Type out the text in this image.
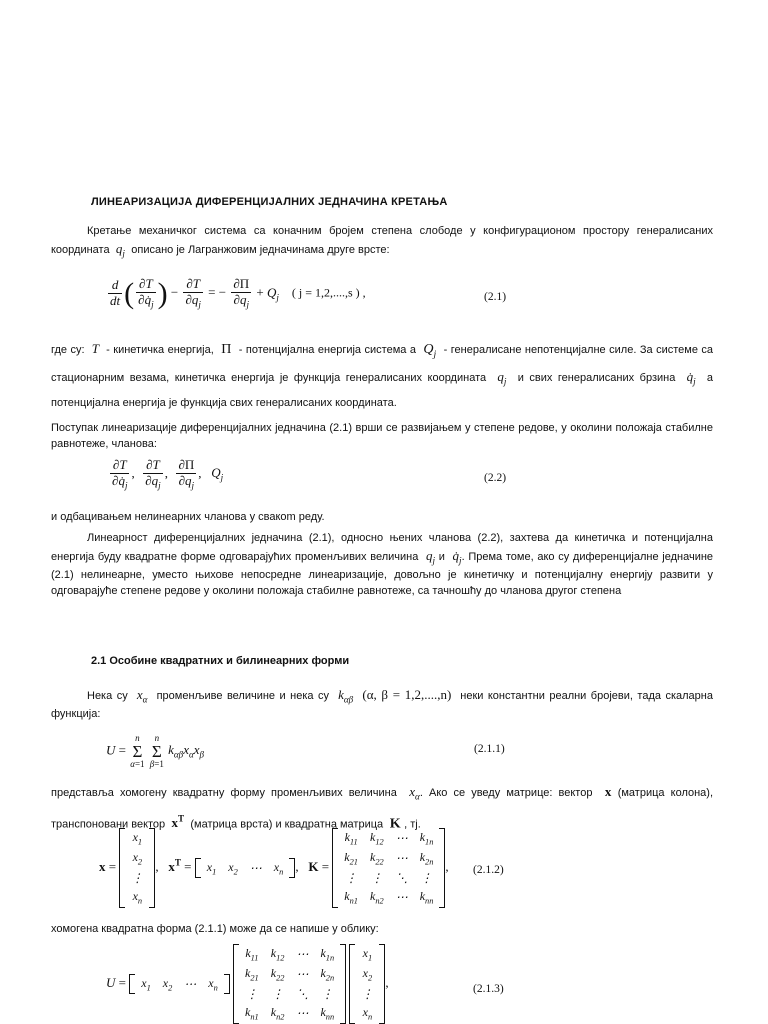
ЛИНЕАРИЗАЦИЈА ДИФЕРЕНЦИЈАЛНИХ ЈЕДНАЧИНА КРЕТАЊА
Кретање механичког система са коначним бројем степена слободе у конфигурационом простору генералисаних координата  $q_j$ описано је Лагранжовим једначинама друге врсте:
$\frac{d}{dt}$ ( $\frac{\partial T}{\partial q̇_j}$ ) − $\frac{\partial T}{\partial q_j}$ = − $\frac{\partial\Pi}{\partial q_j} + Q_j$ ( j = 1,2,....,s ) ,	(2.1)
где су:  T  - кинетичка енергија,  Π  - потенцијална енергија система а  $Q_j$ - генералисане непотенцијалне силе. За системе са стационарним везама, кинетичка енергија је функција генералисаних координата  $q_j$ и свих генералисаних брзина  $q̇_j$ а потенцијална енергија је функција свих генералисаних координата.
Поступак линеаризације диференцијалних једначина (2.1) врши се развијањем у степене редове, у околини положаја стабилне равнотеже, чланова:
$\frac{\partial T}{\partial q̇_j}$ , $\frac{\partial T}{\partial q_j}$ , $\frac{\partial\Pi}{\partial q_j}$ ,   $Q_j$	(2.2)
и одбацивањем нелинеарних чланова у свакоm реду.
Линеарност диференцијалних једначина (2.1), односно њених чланова (2.2), захтева да кинетичка и потенцијална енергија буду квадратне форме одговарајућих променљивих величина  $q_j$ и  $q̇_j$. Према томе, ако су диференцијалне једначине (2.1) нелинеарне, уместо њихове непосредне линеаризације, довољно је кинетичку и потенцијалну енергију развити у одговарајуће степене редове у околини положаја стабилне равнотеже, са тачношћу до чланова другог степена
2.1 Особине квадратних и билинеарних форми
Нека су  $x_\alpha$ променљиве величине и нека су  $k_{\alpha\beta}$ (α, β = 1,2,....,n) неки константни реални бројеви, тада скаларна функција:
U = n
Σ
α=1 n
Σ
β=1 $k_{\alpha\beta}x_\alpha x_\beta$
(2.1.1)
представља хомогену квадратну форму променљивих величина  $x_\alpha$. Ако се уведу матрице: вектор  x (матрица колона), транспоновани вектор  $x^T$ (матрица врста) и квадратна матрица  K , тј.
x =
$x_1$
$x_2$
⋮
$x_n$
,   $x^T = x_1$	$x_2$	⋯	$x_n$ ,   K =
$k_{11}$	$k_{12}$	⋯	$k_{1n}$
$k_{21}$	$k_{22}$	⋯	$k_{2n}$
⋮	⋮	⋱	⋮
$k_{n1}$	$k_{n2}$	⋯	$k_{nn}$
, (2.1.2)
хомогена квадратна форма (2.1.1) може да се напише у облику:
$U = x_1$	$x_2$	⋯	$x_n$

$k_{11}$	$k_{12}$	⋯	$k_{1n}$
$k_{21}$	$k_{22}$	⋯	$k_{2n}$
⋮	⋮	⋱	⋮
$k_{n1}$	$k_{n2}$	⋯	$k_{nn}$

$x_1$
$x_2$
⋮
$x_n$
,	(2.1.3)
